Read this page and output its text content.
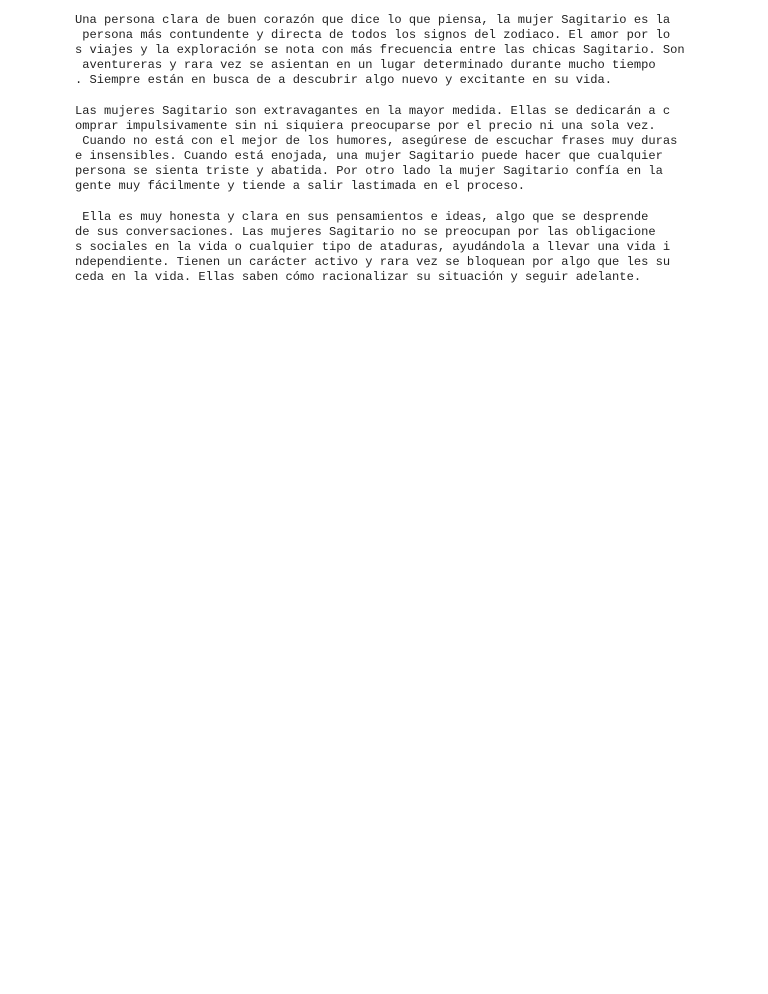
Una persona clara de buen corazón que dice lo que piensa, la mujer Sagitario es la
persona más contundente y directa de todos los signos del zodiaco. El amor por lo
s viajes y la exploración se nota con más frecuencia entre las chicas Sagitario. Son
aventureras y rara vez se asientan en un lugar determinado durante mucho tiempo
. Siempre están en busca de a descubrir algo nuevo y excitante en su vida.
Las mujeres Sagitario son extravagantes en la mayor medida. Ellas se dedicarán a c
omprar impulsivamente sin ni siquiera preocuparse por el precio ni una sola vez.
Cuando no está con el mejor de los humores, asegúrese de escuchar frases muy duras
e insensibles. Cuando está enojada, una mujer Sagitario puede hacer que cualquier
persona se sienta triste y abatida. Por otro lado la mujer Sagitario confía en la
gente muy fácilmente y tiende a salir lastimada en el proceso.
Ella es muy honesta y clara en sus pensamientos e ideas, algo que se desprende
de sus conversaciones. Las mujeres Sagitario no se preocupan por las obligacione
s sociales en la vida o cualquier tipo de ataduras, ayudándola a llevar una vida i
ndependiente. Tienen un carácter activo y rara vez se bloquean por algo que les su
ceda en la vida. Ellas saben cómo racionalizar su situación y seguir adelante.
